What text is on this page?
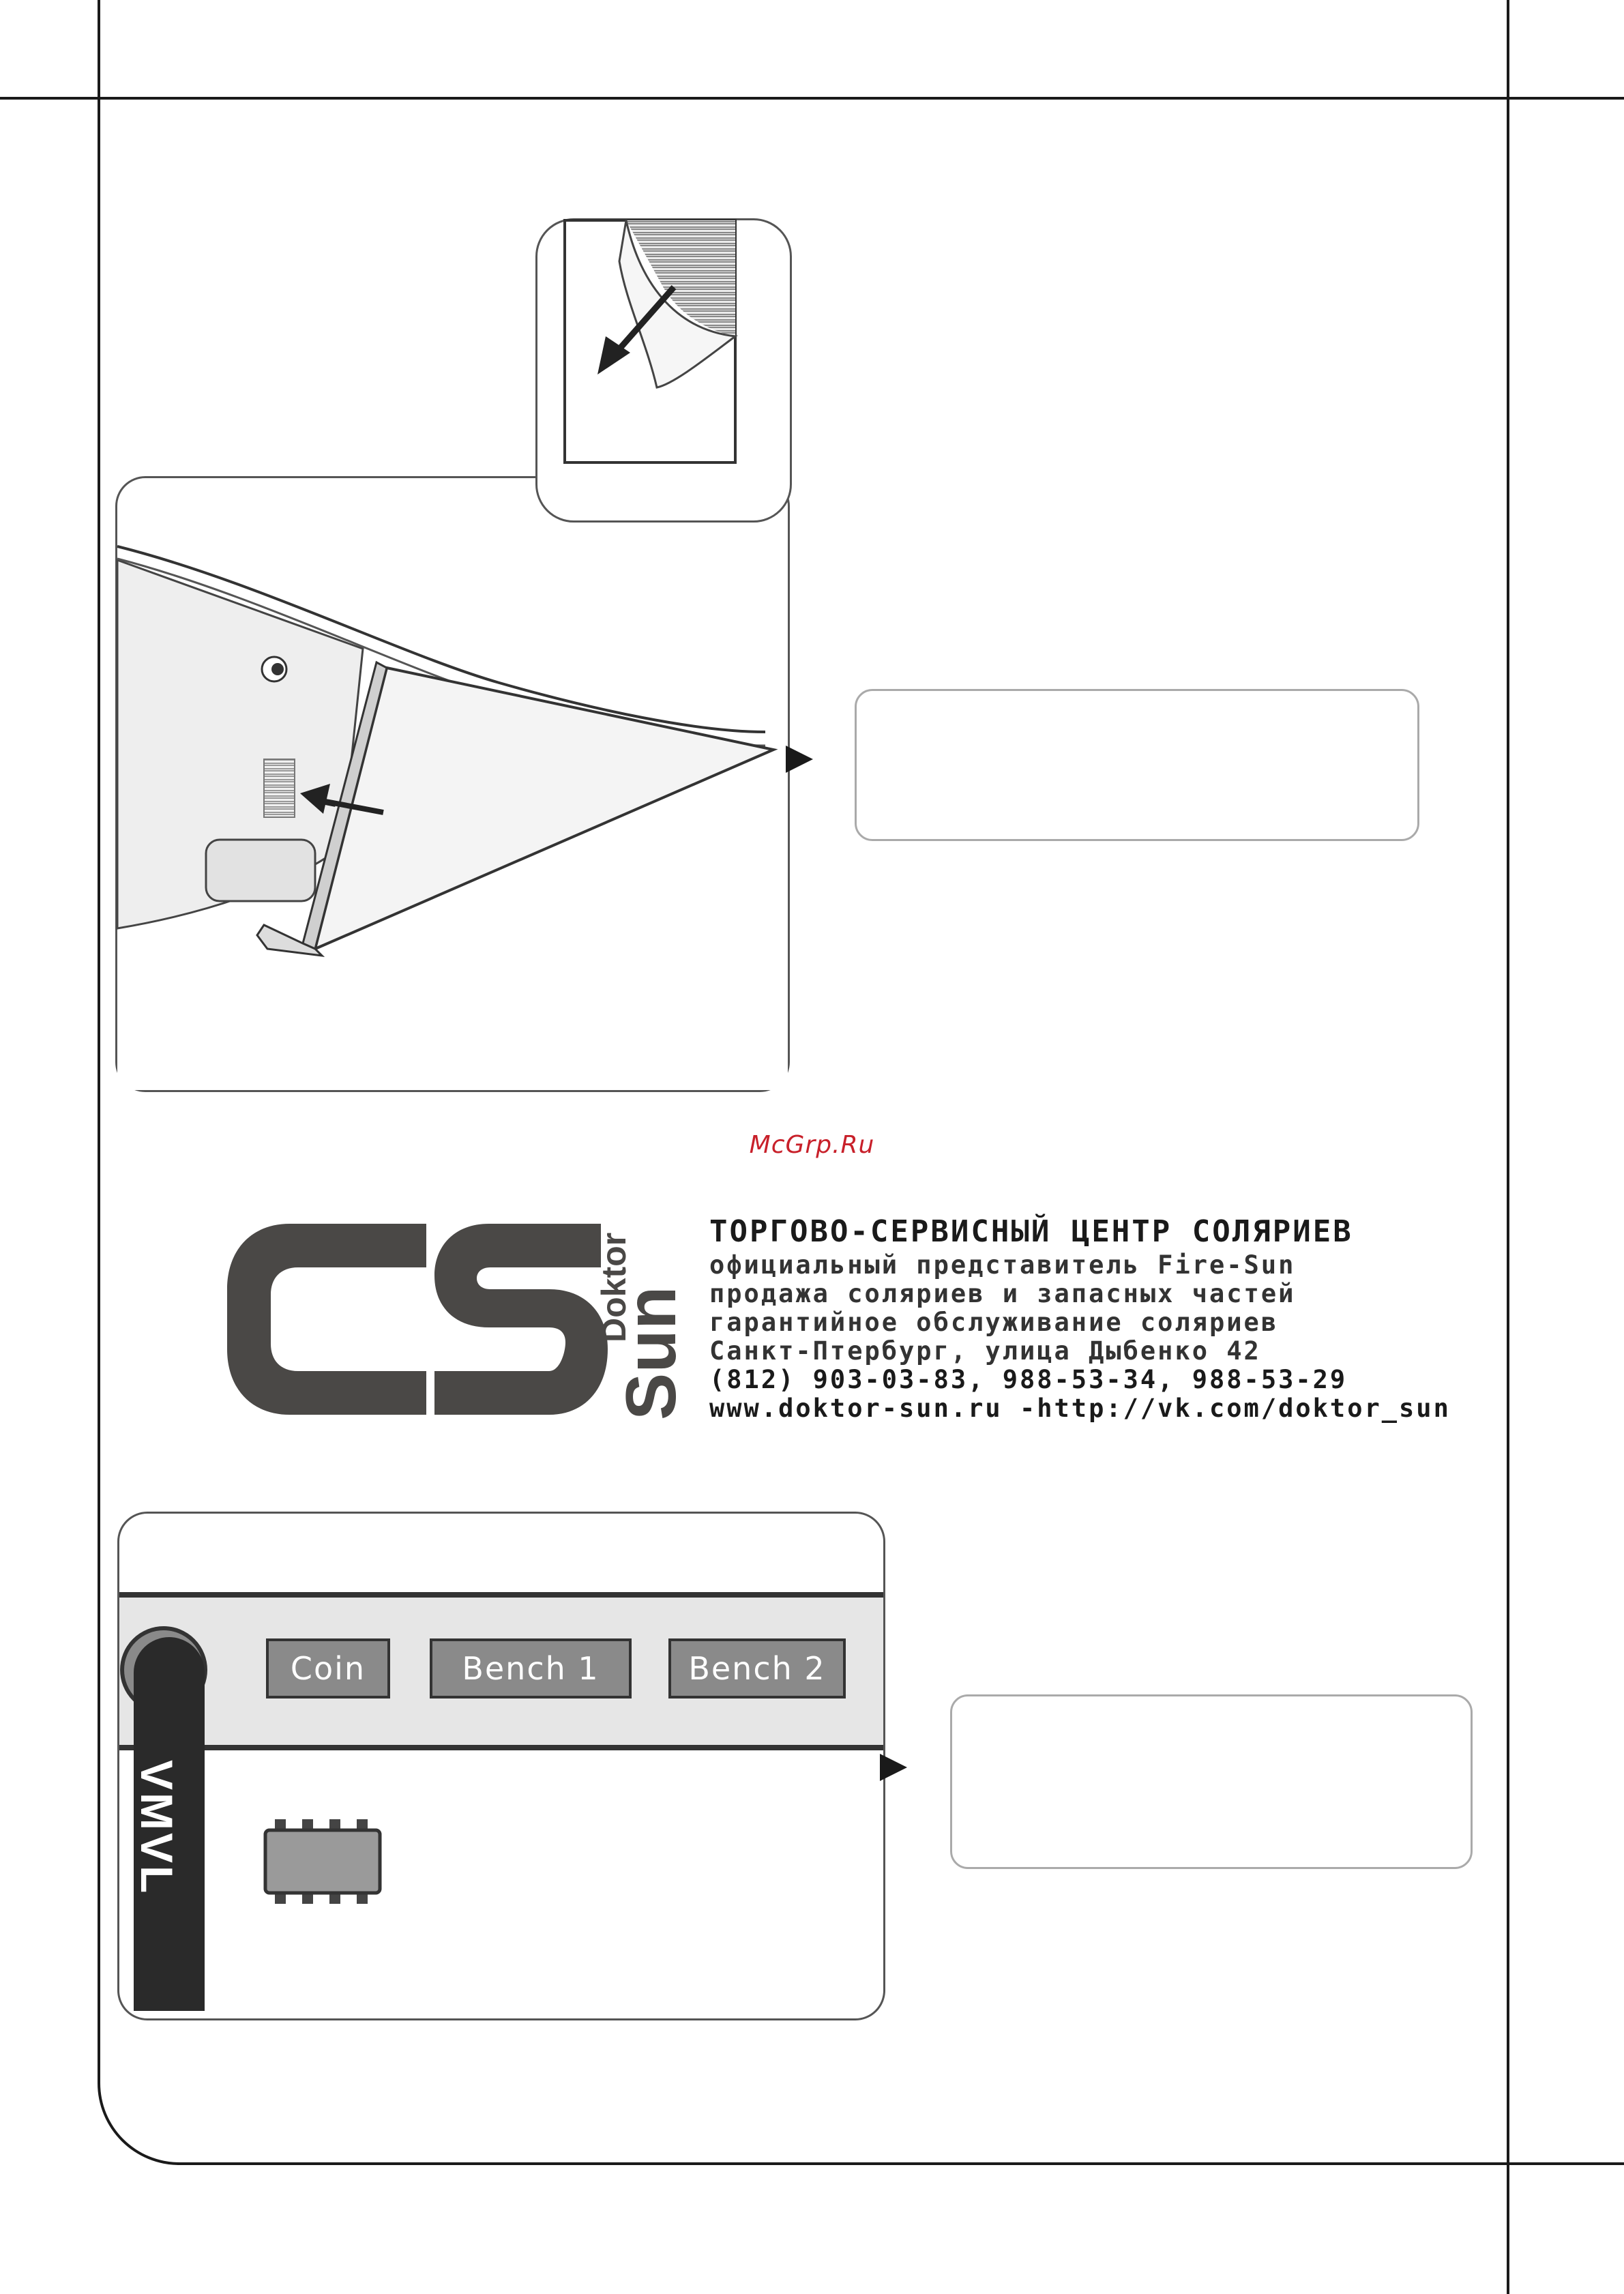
McGrp.Ru
Doktor
Sun
ТОРГОВО-СЕРВИСНЫЙ ЦЕНТР СОЛЯРИЕВ
официальный представитель Fire-Sun
продажа соляриев и запасных частей
гарантийное обслуживание соляриев
Санкт-Птербург, улица Дыбенко 42
(812) 903-03-83, 988-53-34, 988-53-29
www.doktor-sun.ru -http://vk.com/doktor_sun
VMVL
Coin	Bench 1	Bench 2
